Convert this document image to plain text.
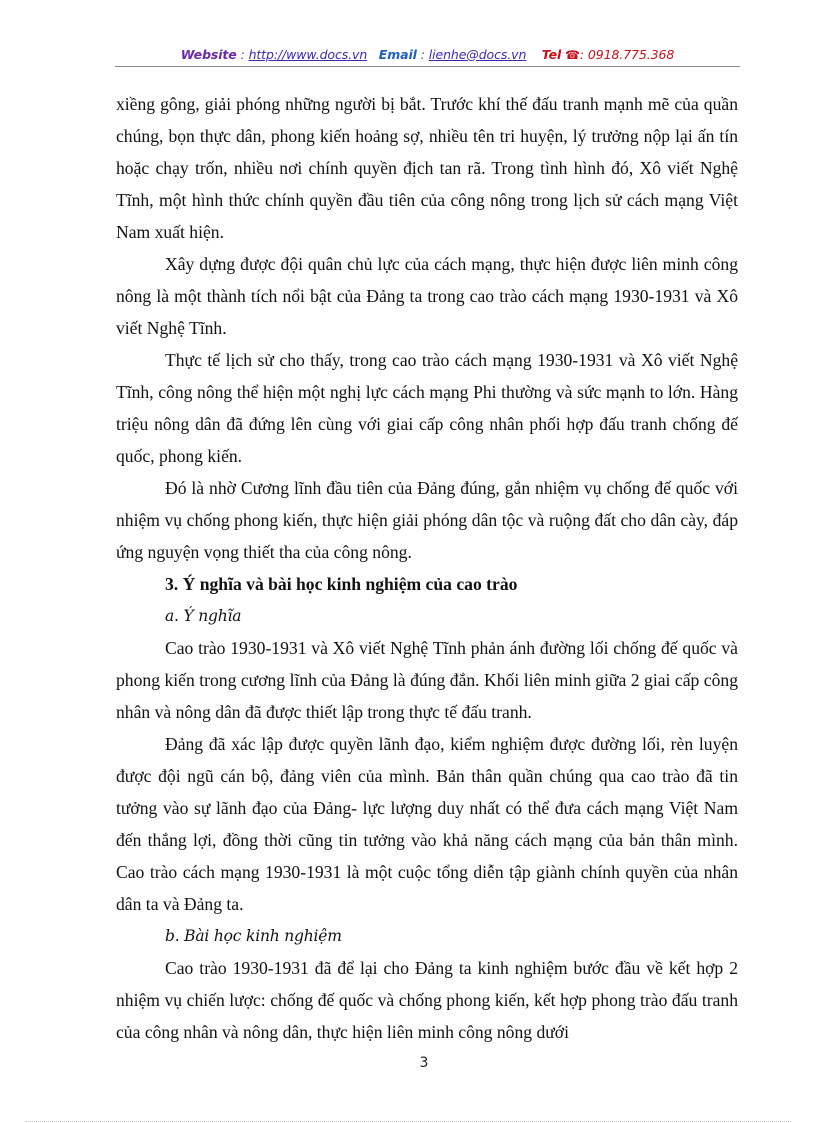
Website : http://www.docs.vn Email : lienhe@docs.vn Tel ☎: 0918.775.368

xiềng gông, giải phóng những người bị bắt. Trước khí thế đấu tranh mạnh mẽ của quần chúng, bọn thực dân, phong kiến hoảng sợ, nhiều tên tri huyện, lý trưởng nộp lại ấn tín hoặc chạy trốn, nhiều nơi chính quyền địch tan rã. Trong tình hình đó, Xô viết Nghệ Tĩnh, một hình thức chính quyền đầu tiên của công nông trong lịch sử cách mạng Việt Nam xuất hiện.

Xây dựng được đội quân chủ lực của cách mạng, thực hiện được liên minh công nông là một thành tích nổi bật của Đảng ta trong cao trào cách mạng 1930-1931 và Xô viết Nghệ Tĩnh.

Thực tế lịch sử cho thấy, trong cao trào cách mạng 1930-1931 và Xô viết Nghệ Tĩnh, công nông thể hiện một nghị lực cách mạng Phi thường và sức mạnh to lớn. Hàng triệu nông dân đã đứng lên cùng với giai cấp công nhân phối hợp đấu tranh chống đế quốc, phong kiến.

Đó là nhờ Cương lĩnh đầu tiên của Đảng đúng, gắn nhiệm vụ chống đế quốc với nhiệm vụ chống phong kiến, thực hiện giải phóng dân tộc và ruộng đất cho dân cày, đáp ứng nguyện vọng thiết tha của công nông.

3. Ý nghĩa và bài học kinh nghiệm của cao trào

a. Ý nghĩa

Cao trào 1930-1931 và Xô viết Nghệ Tĩnh phản ánh đường lối chống đế quốc và phong kiến trong cương lĩnh của Đảng là đúng đắn. Khối liên minh giữa 2 giai cấp công nhân và nông dân đã được thiết lập trong thực tế đấu tranh.

Đảng đã xác lập được quyền lãnh đạo, kiểm nghiệm được đường lối, rèn luyện được đội ngũ cán bộ, đảng viên của mình. Bản thân quần chúng qua cao trào đã tin tưởng vào sự lãnh đạo của Đảng- lực lượng duy nhất có thể đưa cách mạng Việt Nam đến thắng lợi, đồng thời cũng tin tưởng vào khả năng cách mạng của bản thân mình. Cao trào cách mạng 1930-1931 là một cuộc tổng diễn tập giành chính quyền của nhân dân ta và Đảng ta.

b. Bài học kinh nghiệm

Cao trào 1930-1931 đã để lại cho Đảng ta kinh nghiệm bước đầu về kết hợp 2 nhiệm vụ chiến lược: chống đế quốc và chống phong kiến, kết hợp phong trào đấu tranh của công nhân và nông dân, thực hiện liên minh công nông dưới

3
